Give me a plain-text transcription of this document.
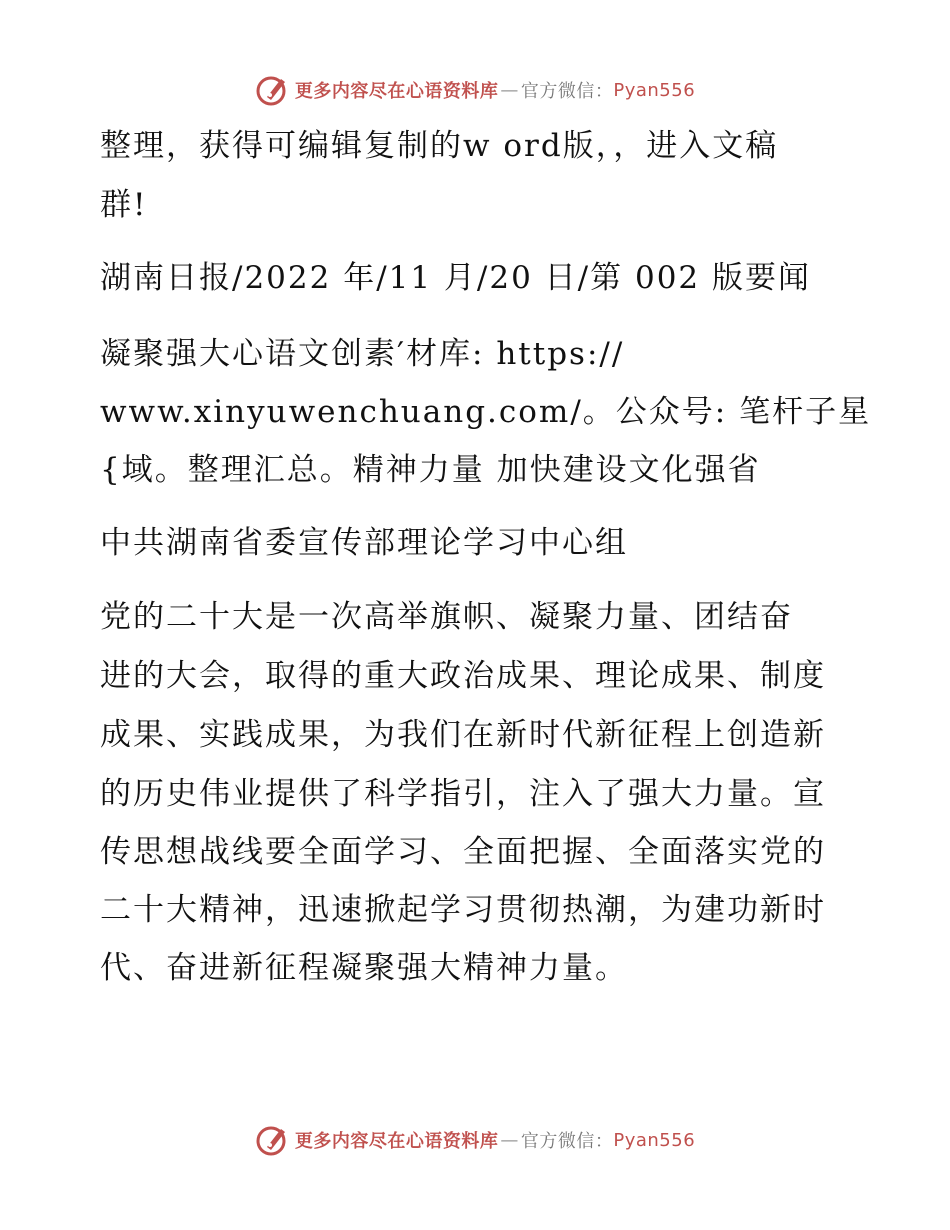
更多内容尽在心语资料库 — 官方微信： Pyan556
整理，获得可编辑复制的w ord版，，进入文稿
群!
湖南日报/2022 年/11 月/20 日/第 002 版要闻
凝聚强大心语文创素′材库: https://
www.xinyuwenchuang.com/。公众号: 笔杆子星
{域。整理汇总。精神力量 加快建设文化强省
中共湖南省委宣传部理论学习中心组
党的二十大是一次高举旗帜、凝聚力量、团结奋
进的大会，取得的重大政治成果、理论成果、制度
成果、实践成果，为我们在新时代新征程上创造新
的历史伟业提供了科学指引，注入了强大力量。宣
传思想战线要全面学习、全面把握、全面落实党的
二十大精神，迅速掀起学习贯彻热潮，为建功新时
代、奋进新征程凝聚强大精神力量。
更多内容尽在心语资料库 — 官方微信： Pyan556
